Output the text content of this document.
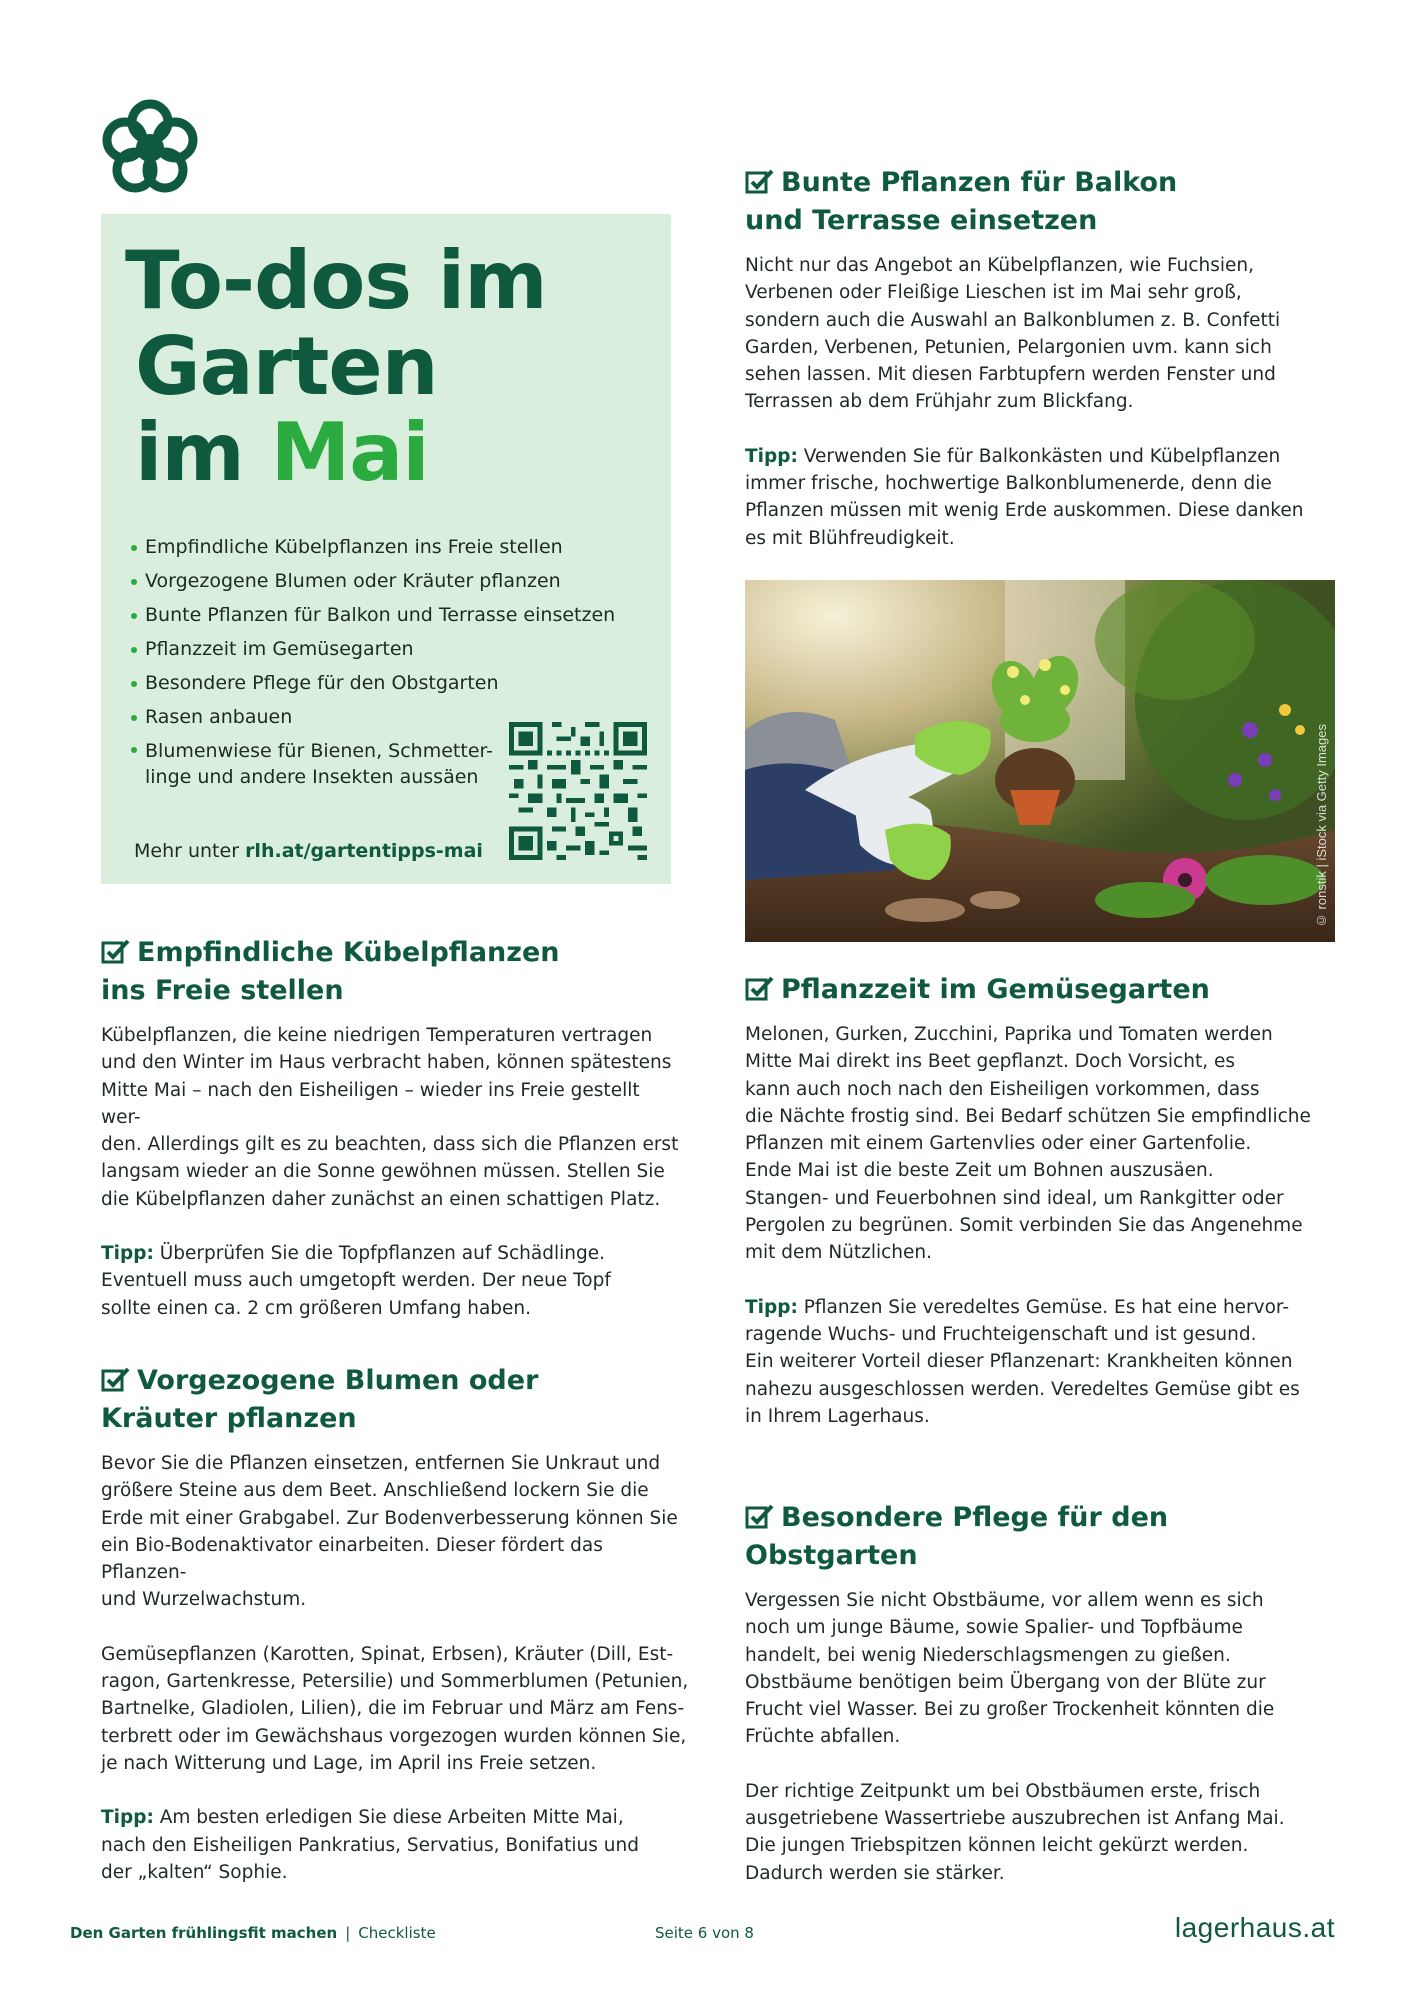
To-dos im
Garten
im Mai
Empfindliche Kübelpflanzen ins Freie stellen
Vorgezogene Blumen oder Kräuter pflanzen
Bunte Pflanzen für Balkon und Terrasse einsetzen
Pflanzzeit im Gemüsegarten
Besondere Pflege für den Obstgarten
Rasen anbauen
Blumenwiese für Bienen, Schmetter-
linge und andere Insekten aussäen
Mehr unter rlh.at/gartentipps-mai
Empfindliche Kübelpflanzen
ins Freie stellen

Kübelpflanzen, die keine niedrigen Temperaturen vertragen
und den Winter im Haus verbracht haben, können spätestens
Mitte Mai – nach den Eisheiligen – wieder ins Freie gestellt wer-
den. Allerdings gilt es zu beachten, dass sich die Pflanzen erst
langsam wieder an die Sonne gewöhnen müssen. Stellen Sie
die Kübelpflanzen daher zunächst an einen schattigen Platz.

Tipp: Überprüfen Sie die Topfpflanzen auf Schädlinge.
Eventuell muss auch umgetopft werden. Der neue Topf
sollte einen ca. 2 cm größeren Umfang haben.

Vorgezogene Blumen oder
Kräuter pflanzen

Bevor Sie die Pflanzen einsetzen, entfernen Sie Unkraut und
größere Steine aus dem Beet. Anschließend lockern Sie die
Erde mit einer Grabgabel. Zur Bodenverbesserung können Sie
ein Bio-Bodenaktivator einarbeiten. Dieser fördert das Pflanzen-
und Wurzelwachstum.

Gemüsepflanzen (Karotten, Spinat, Erbsen), Kräuter (Dill, Est-
ragon, Gartenkresse, Petersilie) und Sommerblumen (Petunien,
Bartnelke, Gladiolen, Lilien), die im Februar und März am Fens-
terbrett oder im Gewächshaus vorgezogen wurden können Sie,
je nach Witterung und Lage, im April ins Freie setzen.

Tipp: Am besten erledigen Sie diese Arbeiten Mitte Mai,
nach den Eisheiligen Pankratius, Servatius, Bonifatius und
der „kalten“ Sophie.

Bunte Pflanzen für Balkon
und Terrasse einsetzen

Nicht nur das Angebot an Kübelpflanzen, wie Fuchsien,
Verbenen oder Fleißige Lieschen ist im Mai sehr groß,
sondern auch die Auswahl an Balkonblumen z. B. Confetti
Garden, Verbenen, Petunien, Pelargonien uvm. kann sich
sehen lassen. Mit diesen Farbtupfern werden Fenster und
Terrassen ab dem Frühjahr zum Blickfang.

Tipp: Verwenden Sie für Balkonkästen und Kübelpflanzen
immer frische, hochwertige Balkonblumenerde, denn die
Pflanzen müssen mit wenig Erde auskommen. Diese danken
es mit Blühfreudigkeit.

© ronstik | iStock via Getty Images
Pflanzzeit im Gemüsegarten

Melonen, Gurken, Zucchini, Paprika und Tomaten werden
Mitte Mai direkt ins Beet gepflanzt. Doch Vorsicht, es
kann auch noch nach den Eisheiligen vorkommen, dass
die Nächte frostig sind. Bei Bedarf schützen Sie empfindliche
Pflanzen mit einem Gartenvlies oder einer Gartenfolie.
Ende Mai ist die beste Zeit um Bohnen auszusäen.
Stangen- und Feuerbohnen sind ideal, um Rankgitter oder
Pergolen zu begrünen. Somit verbinden Sie das Angenehme
mit dem Nützlichen.

Tipp: Pflanzen Sie veredeltes Gemüse. Es hat eine hervor-
ragende Wuchs- und Fruchteigenschaft und ist gesund.
Ein weiterer Vorteil dieser Pflanzenart: Krankheiten können
nahezu ausgeschlossen werden. Veredeltes Gemüse gibt es
in Ihrem Lagerhaus.

Besondere Pflege für den Obstgarten

Vergessen Sie nicht Obstbäume, vor allem wenn es sich
noch um junge Bäume, sowie Spalier- und Topfbäume
handelt, bei wenig Niederschlagsmengen zu gießen.
Obstbäume benötigen beim Übergang von der Blüte zur
Frucht viel Wasser. Bei zu großer Trockenheit könnten die
Früchte abfallen.

Der richtige Zeitpunkt um bei Obstbäumen erste, frisch
ausgetriebene Wassertriebe auszubrechen ist Anfang Mai.
Die jungen Triebspitzen können leicht gekürzt werden.
Dadurch werden sie stärker.

Den Garten frühlingsfit machen | Checkliste	Seite 6 von 8	lagerhaus.at
